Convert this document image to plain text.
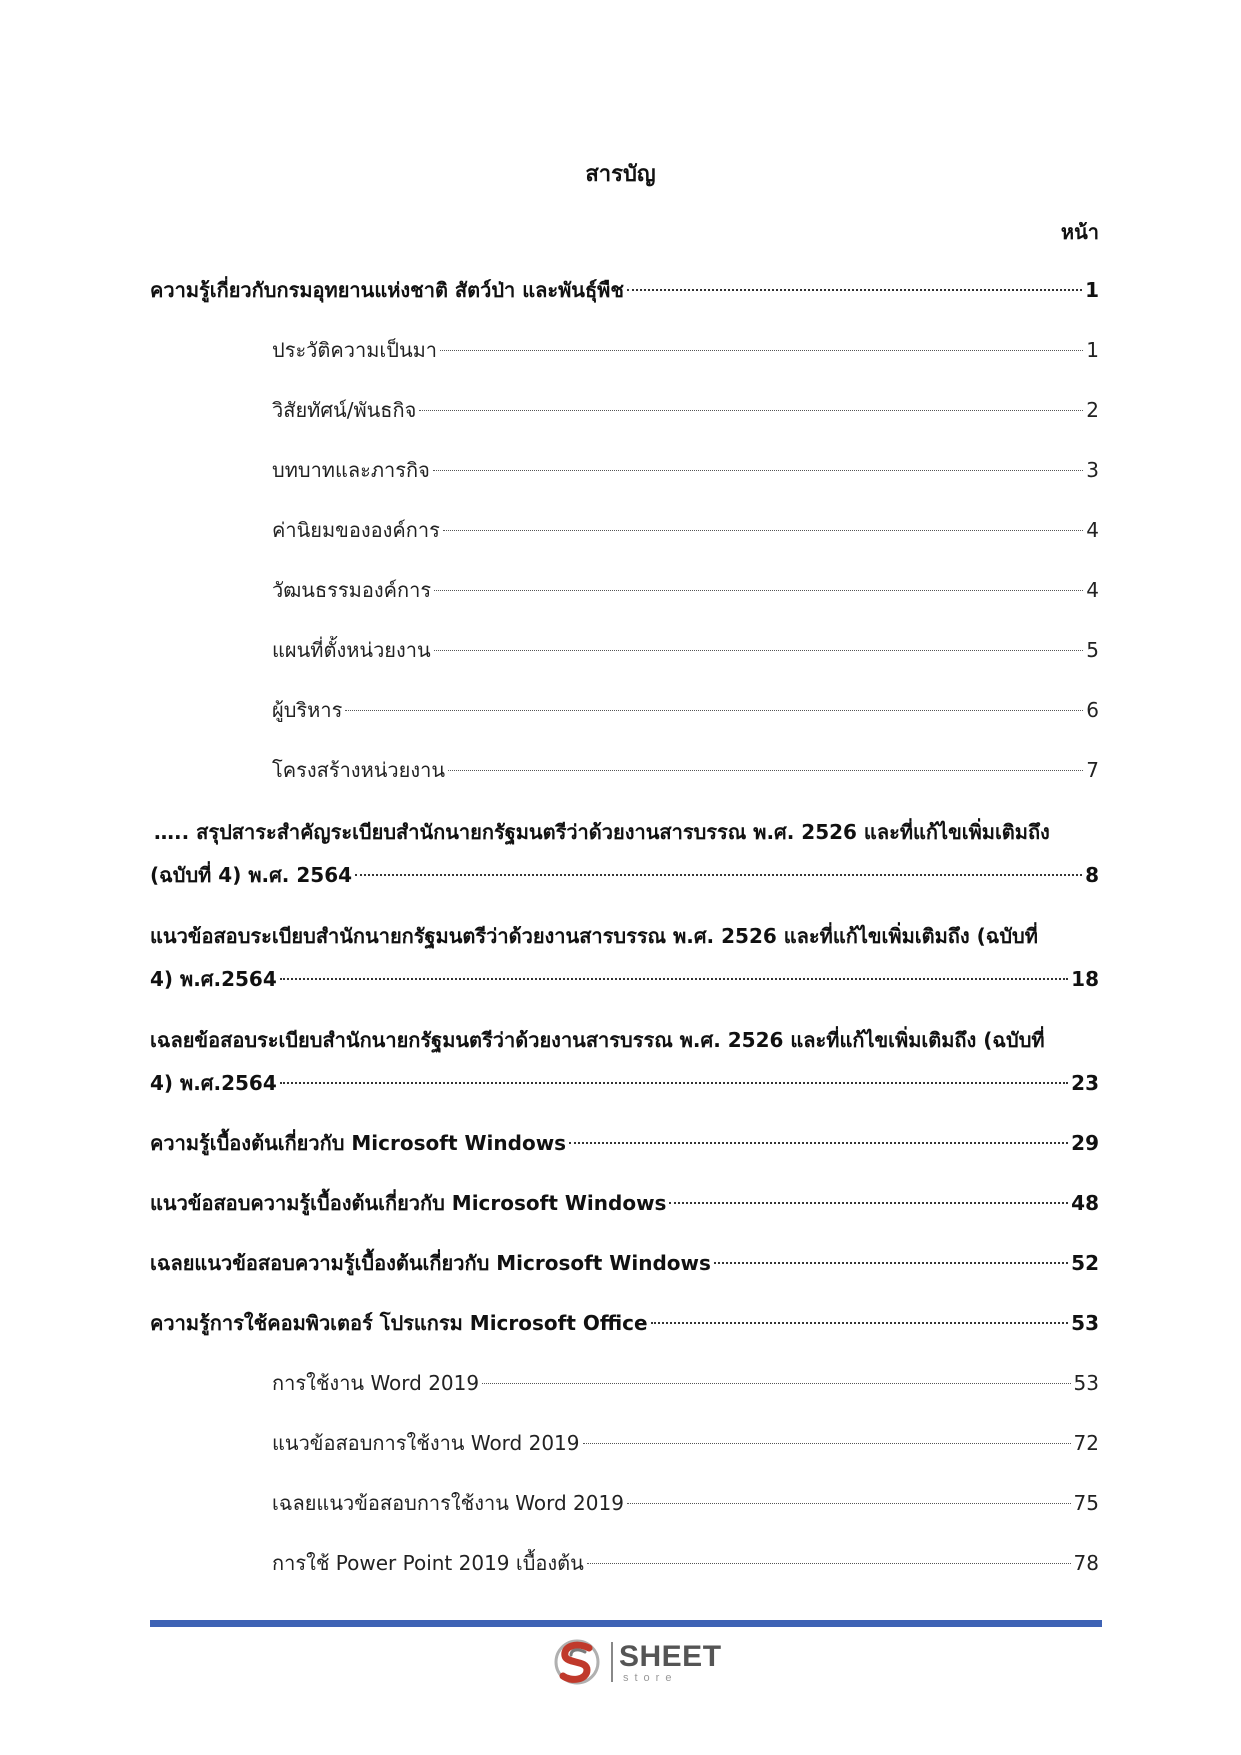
สารบัญ
หน้า
ความรู้เกี่ยวกับกรมอุทยานแห่งชาติ สัตว์ป่า และพันธุ์พืช	1
ประวัติความเป็นมา	1
วิสัยทัศน์/พันธกิจ	2
บทบาทและภารกิจ	3
ค่านิยมขององค์การ	4
วัฒนธรรมองค์การ	4
แผนที่ตั้งหน่วยงาน	5
ผู้บริหาร	6
โครงสร้างหน่วยงาน	7
….. สรุปสาระสำคัญระเบียบสำนักนายกรัฐมนตรีว่าด้วยงานสารบรรณ พ.ศ. 2526 และที่แก้ไขเพิ่มเติมถึง
(ฉบับที่ 4) พ.ศ. 2564	8
แนวข้อสอบระเบียบสำนักนายกรัฐมนตรีว่าด้วยงานสารบรรณ พ.ศ. 2526 และที่แก้ไขเพิ่มเติมถึง (ฉบับที่
4) พ.ศ.2564	18
เฉลยข้อสอบระเบียบสำนักนายกรัฐมนตรีว่าด้วยงานสารบรรณ พ.ศ. 2526 และที่แก้ไขเพิ่มเติมถึง (ฉบับที่
4) พ.ศ.2564	23
ความรู้เบื้องต้นเกี่ยวกับ Microsoft Windows	29
แนวข้อสอบความรู้เบื้องต้นเกี่ยวกับ Microsoft Windows	48
เฉลยแนวข้อสอบความรู้เบื้องต้นเกี่ยวกับ Microsoft Windows	52
ความรู้การใช้คอมพิวเตอร์ โปรแกรม Microsoft Office	53
การใช้งาน Word 2019	53
แนวข้อสอบการใช้งาน Word 2019	72
เฉลยแนวข้อสอบการใช้งาน Word 2019	75
การใช้ Power Point 2019 เบื้องต้น	78
SHEET
store
